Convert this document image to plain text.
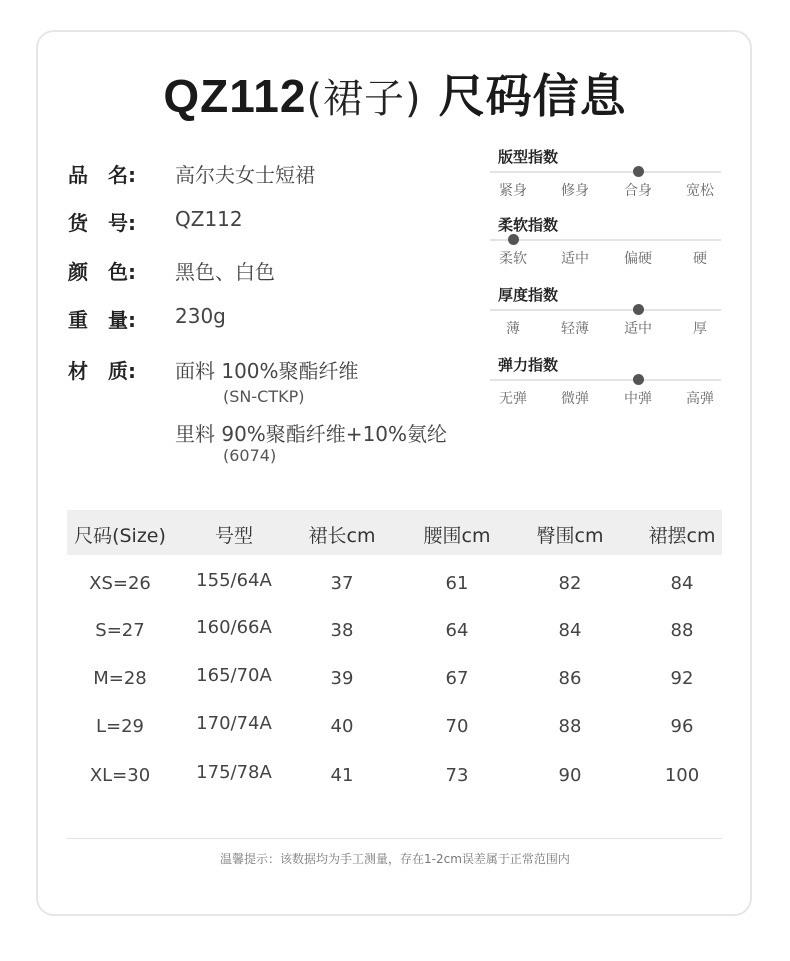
QZ112(裙子) 尺码信息
品　名: 高尔夫女士短裙
货　号: QZ112
颜　色: 黑色、白色
重　量: 230g
材　质: 面料 100%聚酯纤维
(SN-CTKP)
里料 90%聚酯纤维+10%氨纶
(6074)
版型指数
紧身	修身	合身	宽松
柔软指数
柔软	适中	偏硬	硬
厚度指数
薄	轻薄	适中	厚
弹力指数
无弹	微弹	中弹	高弹
尺码(Size)	号型	裙长cm	腰围cm	臀围cm	裙摆cm
XS=26	155/64A	37	61	82	84
S=27	160/66A	38	64	84	88
M=28	165/70A	39	67	86	92
L=29	170/74A	40	70	88	96
XL=30	175/78A	41	73	90	100
温馨提示：该数据均为手工测量，存在1-2cm误差属于正常范围内
